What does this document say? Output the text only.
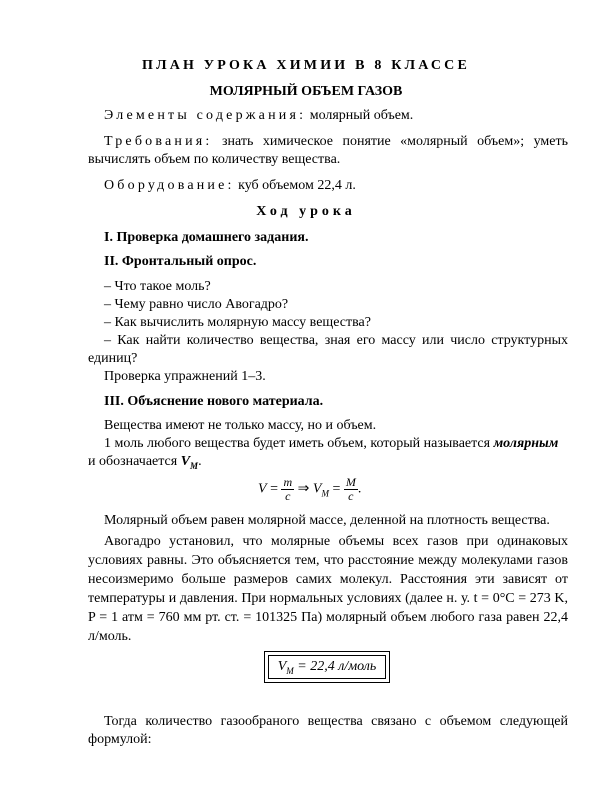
ПЛАН УРОКА ХИМИИ В 8 КЛАССЕ
МОЛЯРНЫЙ ОБЪЕМ ГАЗОВ
Элементы содержания: молярный объем.
Требования: знать химическое понятие «молярный объем»; уметь
вычислять объем по количеству вещества.
Оборудование: куб объемом 22,4 л.
Ход урока
I. Проверка домашнего задания.
II. Фронтальный опрос.
– Что такое моль?
– Чему равно число Авогадро?
– Как вычислить молярную массу вещества?
– Как найти количество вещества, зная его массу или число структурных
единиц?
Проверка упражнений 1–3.
III. Объяснение нового материала.
Вещества имеют не только массу, но и объем.
1 моль любого вещества будет иметь объем, который называется молярным
и обозначается $V_M$.
$V = \frac{m}{c}$ ⇒ $V_M = \frac{M}{c}$ .
Молярный объем равен молярной массе, деленной на плотность вещества.
Авогадро установил, что молярные объемы всех газов при одинаковых
условиях равны. Это объясняется тем, что расстояние между молекулами газов
несоизмеримо больше размеров самих молекул. Расстояния эти зависят от
температуры и давления. При нормальных условиях (далее н. у. t = 0°C = 273 K,
P = 1 атм = 760 мм рт. ст. = 101325 Па) молярный объем любого газа равен 22,4
л/моль.
$V_M = 22,4$ л/моль
Тогда количество газообраного вещества связано с объемом следующей
формулой:
